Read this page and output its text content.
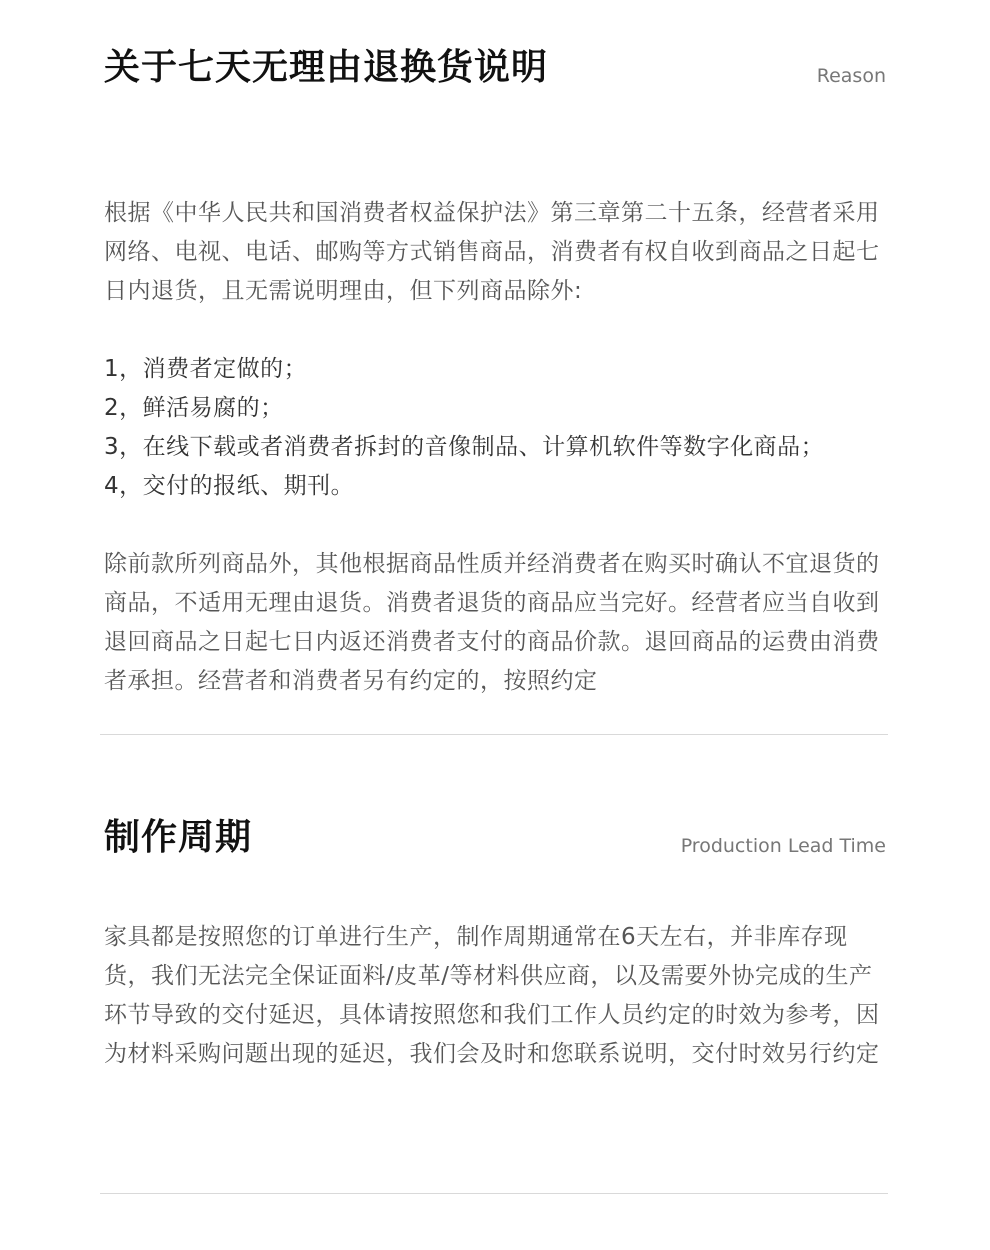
关于七天无理由退换货说明	Reason

根据《中华人民共和国消费者权益保护法》第三章第二十五条，经营者采用网络、电视、电话、邮购等方式销售商品，消费者有权自收到商品之日起七日内退货，且无需说明理由，但下列商品除外:

1，消费者定做的；
2，鲜活易腐的；
3，在线下载或者消费者拆封的音像制品、计算机软件等数字化商品；
4，交付的报纸、期刊。

除前款所列商品外，其他根据商品性质并经消费者在购买时确认不宜退货的商品，不适用无理由退货。消费者退货的商品应当完好。经营者应当自收到退回商品之日起七日内返还消费者支付的商品价款。退回商品的运费由消费者承担。经营者和消费者另有约定的，按照约定

制作周期	Production Lead Time

家具都是按照您的订单进行生产，制作周期通常在6天左右，并非库存现货，我们无法完全保证面料/皮革/等材料供应商，以及需要外协完成的生产环节导致的交付延迟，具体请按照您和我们工作人员约定的时效为参考，因为材料采购问题出现的延迟，我们会及时和您联系说明，交付时效另行约定
